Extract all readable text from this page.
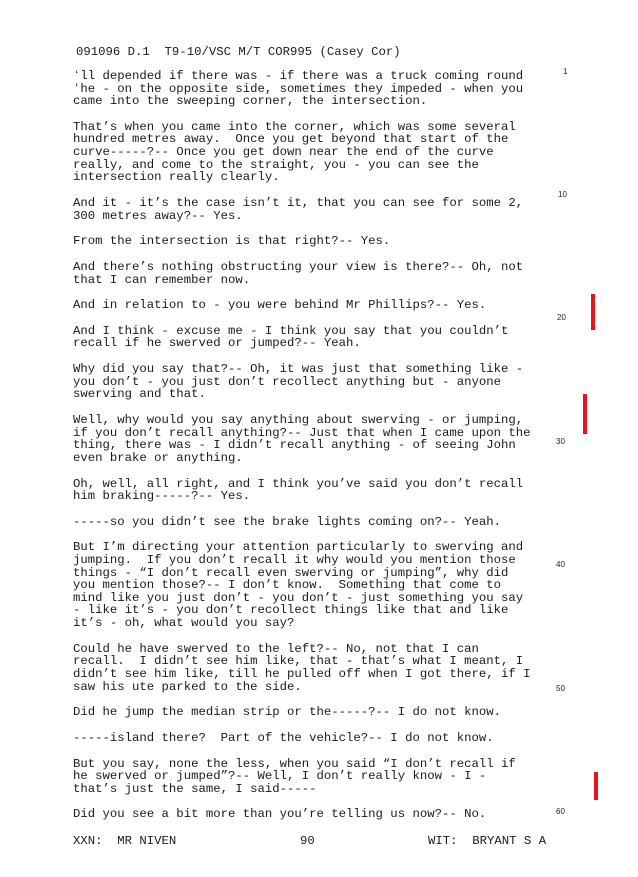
091096 D.1  T9-10/VSC M/T COR995 (Casey Cor)
ʻll depended if there was - if there was a truck coming round
ʻhe - on the opposite side, sometimes they impeded - when you
came into the sweeping corner, the intersection.
That’s when you came into the corner, which was some several
hundred metres away.  Once you get beyond that start of the
curve-----?-- Once you get down near the end of the curve
really, and come to the straight, you - you can see the
intersection really clearly.
And it - it’s the case isn’t it, that you can see for some 2,
300 metres away?-- Yes.
From the intersection is that right?-- Yes.
And there’s nothing obstructing your view is there?-- Oh, not
that I can remember now.
And in relation to - you were behind Mr Phillips?-- Yes.
And I think - excuse me - I think you say that you couldn’t
recall if he swerved or jumped?-- Yeah.
Why did you say that?-- Oh, it was just that something like -
you don’t - you just don’t recollect anything but - anyone
swerving and that.
Well, why would you say anything about swerving - or jumping,
if you don’t recall anything?-- Just that when I came upon the
thing, there was - I didn’t recall anything - of seeing John
even brake or anything.
Oh, well, all right, and I think you’ve said you don’t recall
him braking-----?-- Yes.
-----so you didn’t see the brake lights coming on?-- Yeah.
But I’m directing your attention particularly to swerving and
jumping.  If you don’t recall it why would you mention those
things - “I don’t recall even swerving or jumping”, why did
you mention those?-- I don’t know.  Something that come to
mind like you just don’t - you don’t - just something you say
- like it’s - you don’t recollect things like that and like
it’s - oh, what would you say?
Could he have swerved to the left?-- No, not that I can
recall.  I didn’t see him like, that - that’s what I meant, I
didn’t see him like, till he pulled off when I got there, if I
saw his ute parked to the side.
Did he jump the median strip or the-----?-- I do not know.
-----island there?  Part of the vehicle?-- I do not know.
But you say, none the less, when you said “I don’t recall if
he swerved or jumped”?-- Well, I don’t really know - I -
that’s just the same, I said-----
Did you see a bit more than you’re telling us now?-- No.
1
10
20
30
40
50
60
XXN:  MR NIVEN	90	WIT:  BRYANT S A
